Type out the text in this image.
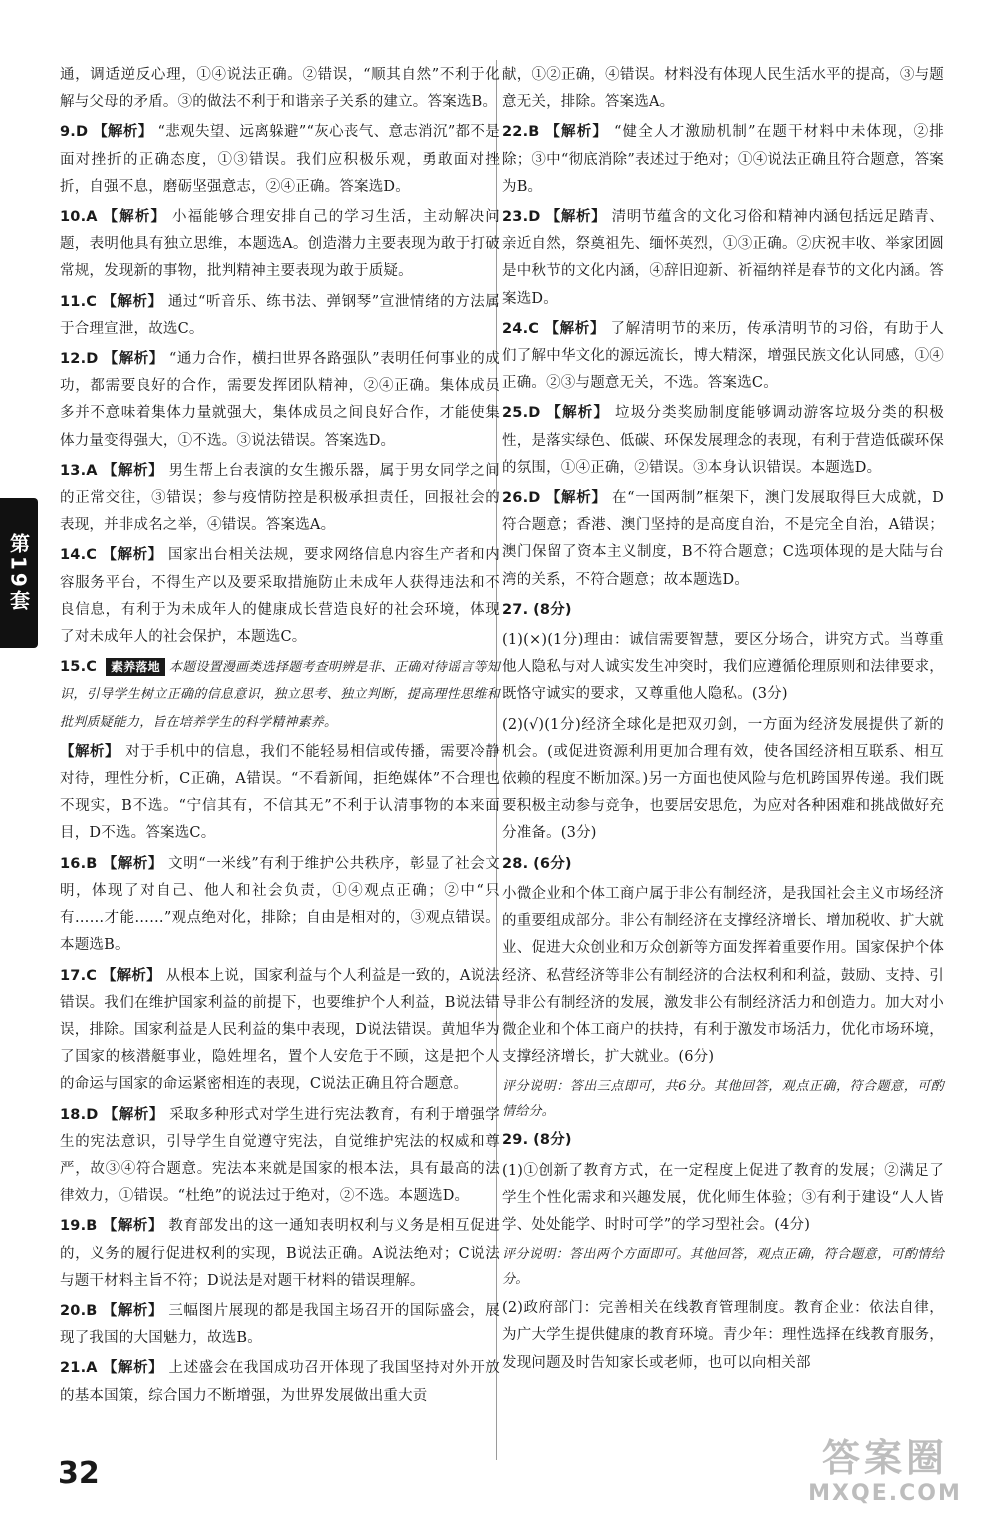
第19套
通，调适逆反心理，①④说法正确。②错误，“顺其自然”不利于化解与父母的矛盾。③的做法不利于和谐亲子关系的建立。答案选B。
9.D 【解析】 “悲观失望、远离躲避”“灰心丧气、意志消沉”都不是面对挫折的正确态度，①③错误。我们应积极乐观，勇敢面对挫折，自强不息，磨砺坚强意志，②④正确。答案选D。
10.A 【解析】 小福能够合理安排自己的学习生活，主动解决问题，表明他具有独立思维，本题选A。创造潜力主要表现为敢于打破常规，发现新的事物，批判精神主要表现为敢于质疑。
11.C 【解析】 通过“听音乐、练书法、弹钢琴”宣泄情绪的方法属于合理宣泄，故选C。
12.D 【解析】 “通力合作，横扫世界各路强队”表明任何事业的成功，都需要良好的合作，需要发挥团队精神，②④正确。集体成员多并不意味着集体力量就强大，集体成员之间良好合作，才能使集体力量变得强大，①不选。③说法错误。答案选D。
13.A 【解析】 男生帮上台表演的女生搬乐器，属于男女同学之间的正常交往，③错误；参与疫情防控是积极承担责任，回报社会的表现，并非成名之举，④错误。答案选A。
14.C 【解析】 国家出台相关法规，要求网络信息内容生产者和内容服务平台，不得生产以及要采取措施防止未成年人获得违法和不良信息，有利于为未成年人的健康成长营造良好的社会环境，体现了对未成年人的社会保护，本题选C。
15.C 素养落地 本题设置漫画类选择题考查明辨是非、正确对待谣言等知识，引导学生树立正确的信息意识，独立思考、独立判断，提高理性思维和批判质疑能力，旨在培养学生的科学精神素养。
【解析】 对于手机中的信息，我们不能轻易相信或传播，需要冷静对待，理性分析，C正确，A错误。“不看新闻，拒绝媒体”不合理也不现实，B不选。“宁信其有，不信其无”不利于认清事物的本来面目，D不选。答案选C。
16.B 【解析】 文明“一米线”有利于维护公共秩序，彰显了社会文明，体现了对自己、他人和社会负责，①④观点正确；②中“只有……才能……”观点绝对化，排除；自由是相对的，③观点错误。本题选B。
17.C 【解析】 从根本上说，国家利益与个人利益是一致的，A说法错误。我们在维护国家利益的前提下，也要维护个人利益，B说法错误，排除。国家利益是人民利益的集中表现，D说法错误。黄旭华为了国家的核潜艇事业，隐姓埋名，置个人安危于不顾，这是把个人的命运与国家的命运紧密相连的表现，C说法正确且符合题意。
18.D 【解析】 采取多种形式对学生进行宪法教育，有利于增强学生的宪法意识，引导学生自觉遵守宪法，自觉维护宪法的权威和尊严，故③④符合题意。宪法本来就是国家的根本法，具有最高的法律效力，①错误。“杜绝”的说法过于绝对，②不选。本题选D。
19.B 【解析】 教育部发出的这一通知表明权利与义务是相互促进的，义务的履行促进权利的实现，B说法正确。A说法绝对；C说法与题干材料主旨不符；D说法是对题干材料的错误理解。
20.B 【解析】 三幅图片展现的都是我国主场召开的国际盛会，展现了我国的大国魅力，故选B。
21.A 【解析】 上述盛会在我国成功召开体现了我国坚持对外开放的基本国策，综合国力不断增强，为世界发展做出重大贡
献，①②正确，④错误。材料没有体现人民生活水平的提高，③与题意无关，排除。答案选A。
22.B 【解析】 “健全人才激励机制”在题干材料中未体现，②排除；③中“彻底消除”表述过于绝对；①④说法正确且符合题意，答案为B。
23.D 【解析】 清明节蕴含的文化习俗和精神内涵包括远足踏青、亲近自然，祭奠祖先、缅怀英烈，①③正确。②庆祝丰收、举家团圆是中秋节的文化内涵，④辞旧迎新、祈福纳祥是春节的文化内涵。答案选D。
24.C 【解析】 了解清明节的来历，传承清明节的习俗，有助于人们了解中华文化的源远流长，博大精深，增强民族文化认同感，①④正确。②③与题意无关，不选。答案选C。
25.D 【解析】 垃圾分类奖励制度能够调动游客垃圾分类的积极性，是落实绿色、低碳、环保发展理念的表现，有利于营造低碳环保的氛围，①④正确，②错误。③本身认识错误。本题选D。
26.D 【解析】 在“一国两制”框架下，澳门发展取得巨大成就，D符合题意；香港、澳门坚持的是高度自治，不是完全自治，A错误；澳门保留了资本主义制度，B不符合题意；C选项体现的是大陆与台湾的关系，不符合题意；故本题选D。
27. (8分)
(1)(×)(1分)理由：诚信需要智慧，要区分场合，讲究方式。当尊重他人隐私与对人诚实发生冲突时，我们应遵循伦理原则和法律要求，既恪守诚实的要求，又尊重他人隐私。(3分)
(2)(√)(1分)经济全球化是把双刃剑，一方面为经济发展提供了新的机会。(或促进资源利用更加合理有效，使各国经济相互联系、相互依赖的程度不断加深。)另一方面也使风险与危机跨国界传递。我们既要积极主动参与竞争，也要居安思危，为应对各种困难和挑战做好充分准备。(3分)
28. (6分)
小微企业和个体工商户属于非公有制经济，是我国社会主义市场经济的重要组成部分。非公有制经济在支撑经济增长、增加税收、扩大就业、促进大众创业和万众创新等方面发挥着重要作用。国家保护个体经济、私营经济等非公有制经济的合法权利和利益，鼓励、支持、引导非公有制经济的发展，激发非公有制经济活力和创造力。加大对小微企业和个体工商户的扶持，有利于激发市场活力，优化市场环境，支撑经济增长，扩大就业。(6分)
评分说明：答出三点即可，共6分。其他回答，观点正确，符合题意，可酌情给分。
29. (8分)
(1)①创新了教育方式，在一定程度上促进了教育的发展；②满足了学生个性化需求和兴趣发展，优化师生体验；③有利于建设“人人皆学、处处能学、时时可学”的学习型社会。(4分)
评分说明：答出两个方面即可。其他回答，观点正确，符合题意，可酌情给分。
(2)政府部门：完善相关在线教育管理制度。教育企业：依法自律，为广大学生提供健康的教育环境。青少年：理性选择在线教育服务，发现问题及时告知家长或老师，也可以向相关部
32	答案圈
MXQE.COM
